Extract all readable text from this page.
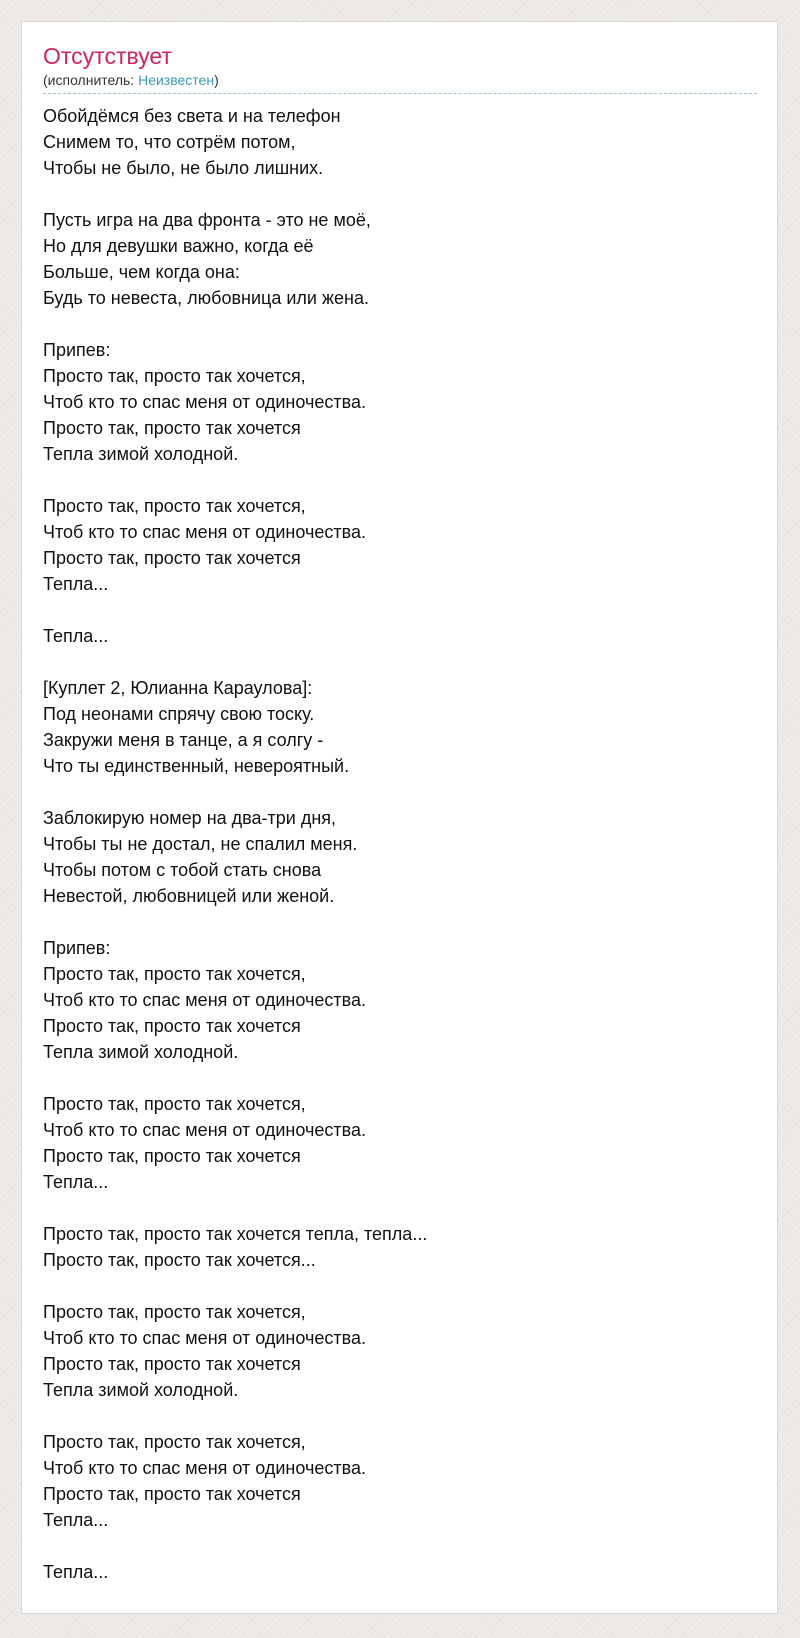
Отсутствует
(исполнитель: Неизвестен)
Обойдёмся без света и на телефон
Снимем то, что сотрём потом,
Чтобы не было, не было лишних.

Пусть игра на два фронта - это не моё,
Но для девушки важно, когда её
Больше, чем когда она:
Будь то невеста, любовница или жена.

Припев:
Просто так, просто так хочется,
Чтоб кто то спас меня от одиночества.
Просто так, просто так хочется
Тепла зимой холодной.

Просто так, просто так хочется,
Чтоб кто то спас меня от одиночества.
Просто так, просто так хочется
Тепла...

Тепла...

[Куплет 2, Юлианна Караулова]:
Под неонами спрячу свою тоску.
Закружи меня в танце, а я солгу -
Что ты единственный, невероятный.

Заблокирую номер на два-три дня,
Чтобы ты не достал, не спалил меня.
Чтобы потом с тобой стать снова
Невестой, любовницей или женой.

Припев:
Просто так, просто так хочется,
Чтоб кто то спас меня от одиночества.
Просто так, просто так хочется
Тепла зимой холодной.

Просто так, просто так хочется,
Чтоб кто то спас меня от одиночества.
Просто так, просто так хочется
Тепла...

Просто так, просто так хочется тепла, тепла...
Просто так, просто так хочется...

Просто так, просто так хочется,
Чтоб кто то спас меня от одиночества.
Просто так, просто так хочется
Тепла зимой холодной.

Просто так, просто так хочется,
Чтоб кто то спас меня от одиночества.
Просто так, просто так хочется
Тепла...

Тепла...
